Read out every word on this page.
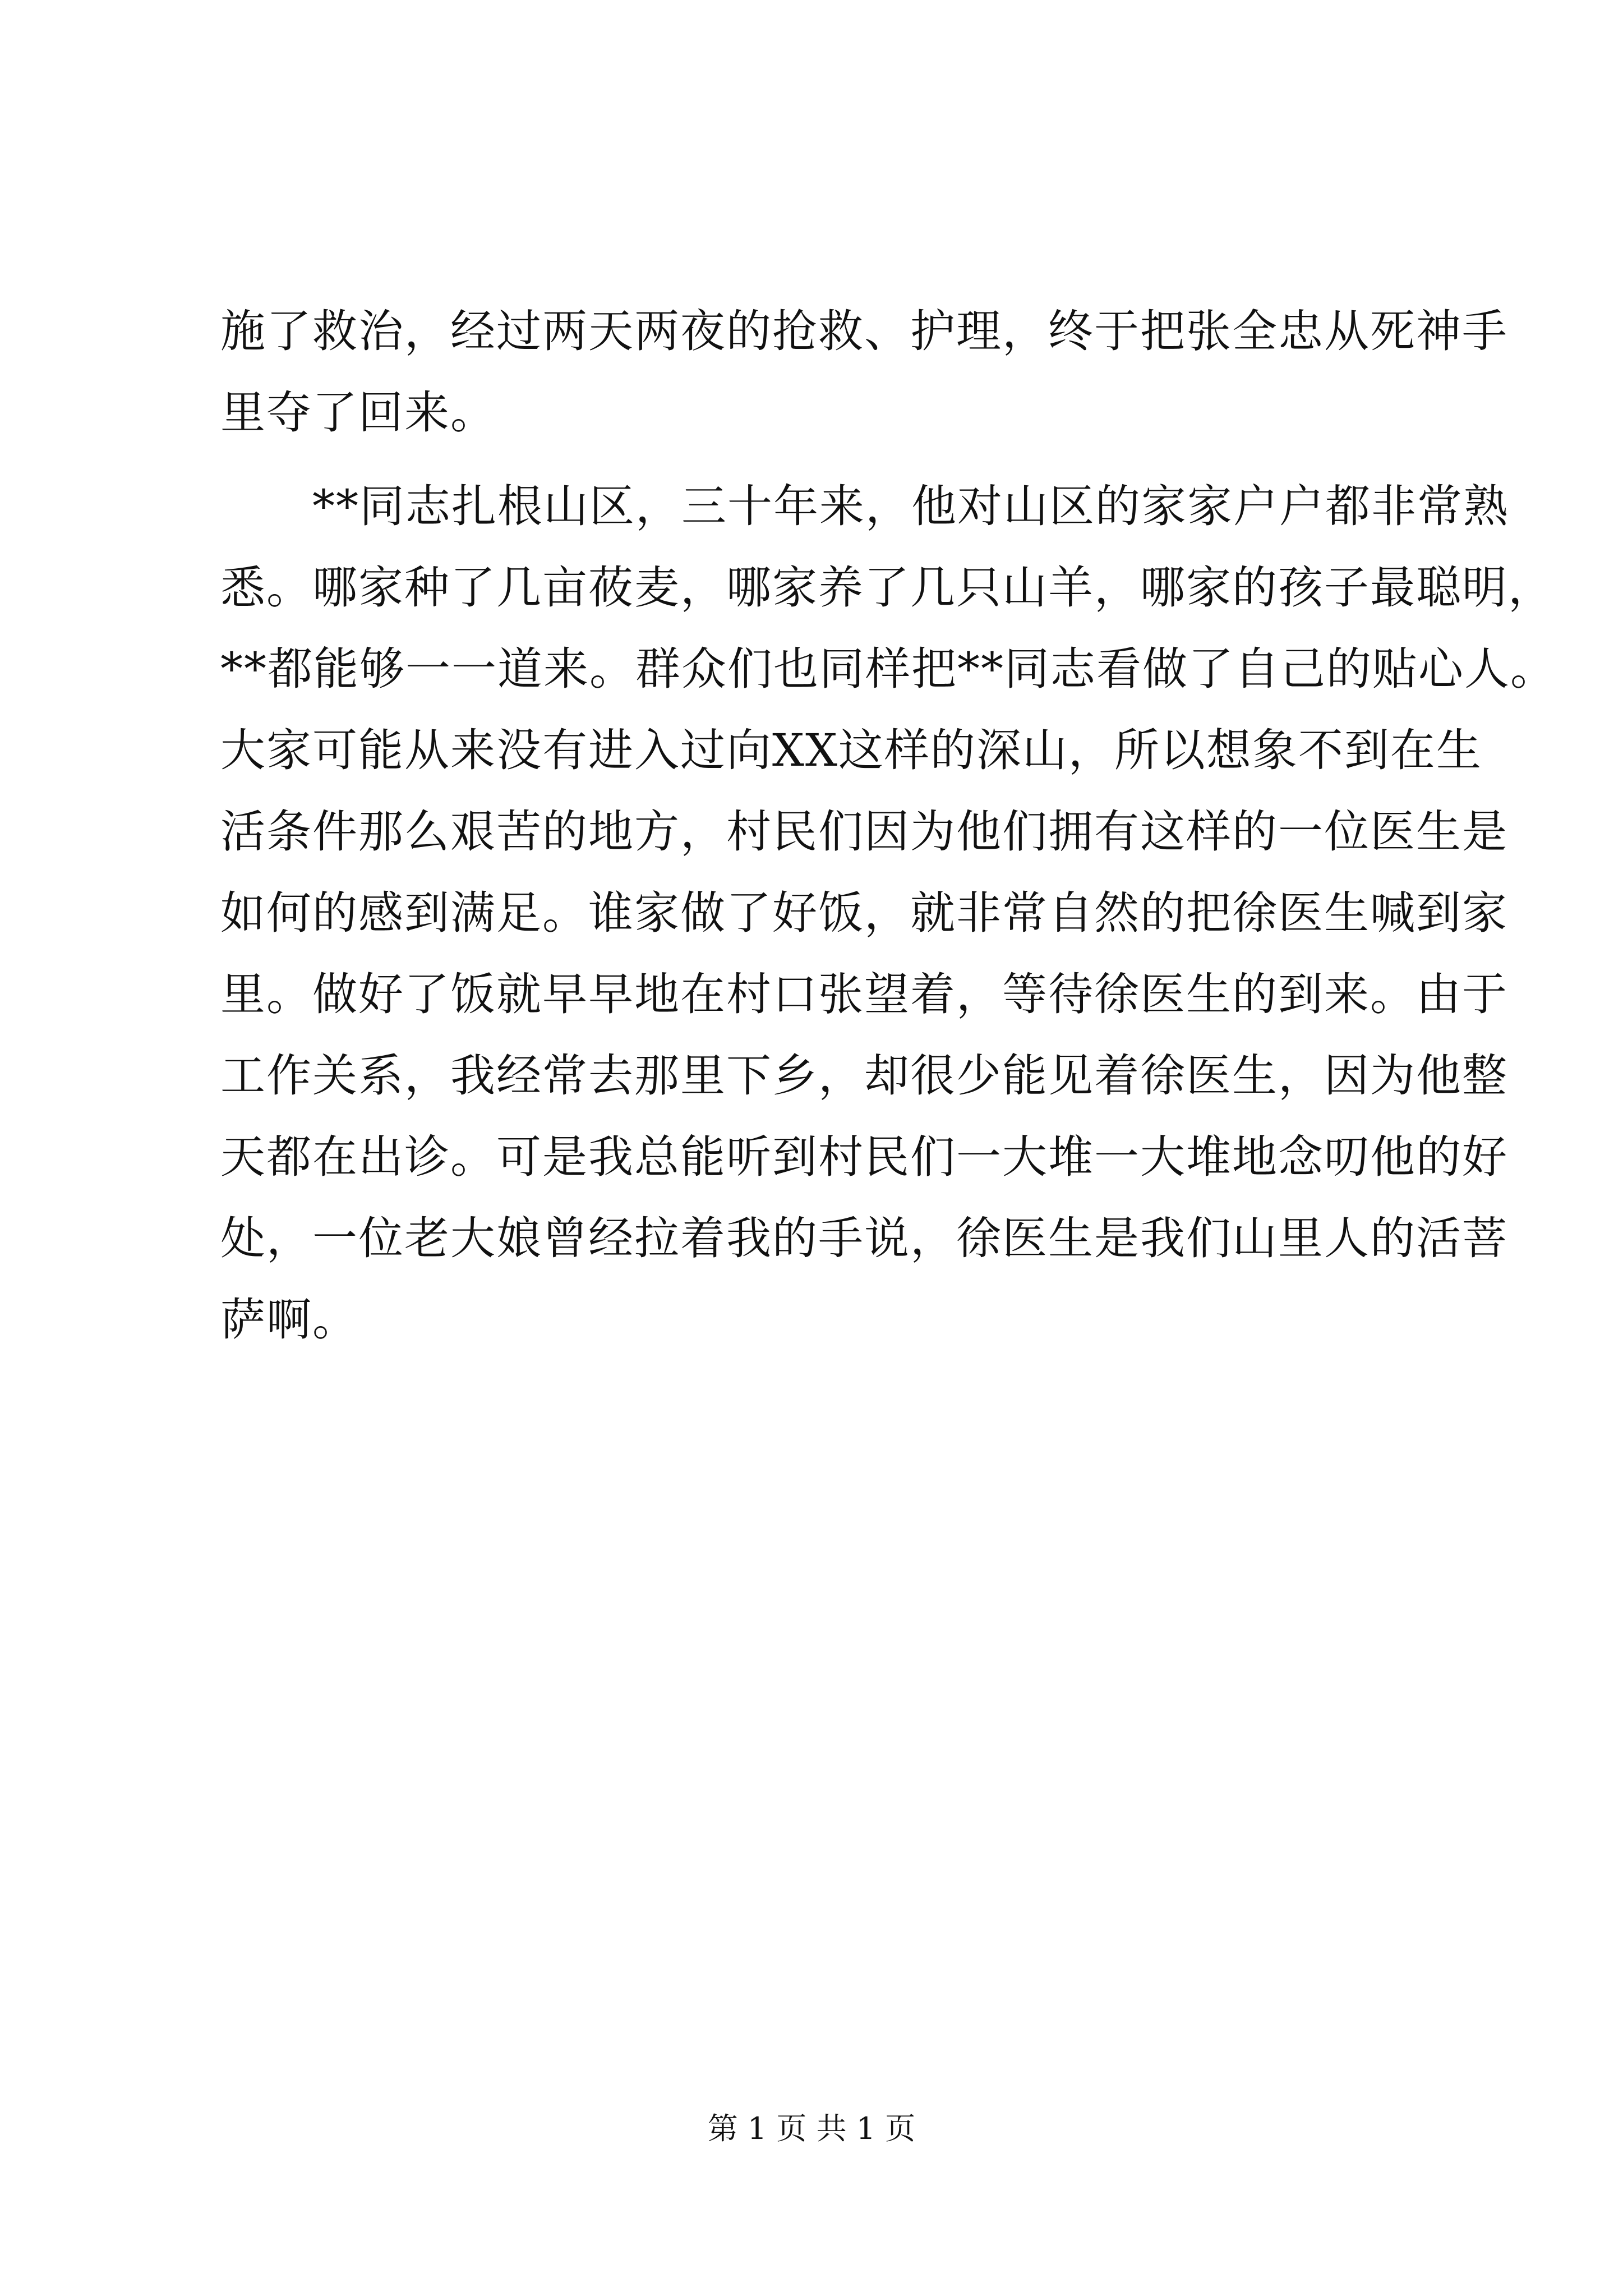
施了救治，经过两天两夜的抢救、护理，终于把张全忠从死神手
里夺了回来。
　　**同志扎根山区，三十年来，他对山区的家家户户都非常熟
悉。哪家种了几亩莜麦，哪家养了几只山羊，哪家的孩子最聪明，
**都能够一一道来。群众们也同样把**同志看做了自己的贴心人。
大家可能从来没有进入过向XX这样的深山，所以想象不到在生
活条件那么艰苦的地方，村民们因为他们拥有这样的一位医生是
如何的感到满足。谁家做了好饭，就非常自然的把徐医生喊到家
里。做好了饭就早早地在村口张望着，等待徐医生的到来。由于
工作关系，我经常去那里下乡，却很少能见着徐医生，因为他整
天都在出诊。可是我总能听到村民们一大堆一大堆地念叨他的好
处，一位老大娘曾经拉着我的手说，徐医生是我们山里人的活菩
萨啊。
第 1 页 共 1 页
